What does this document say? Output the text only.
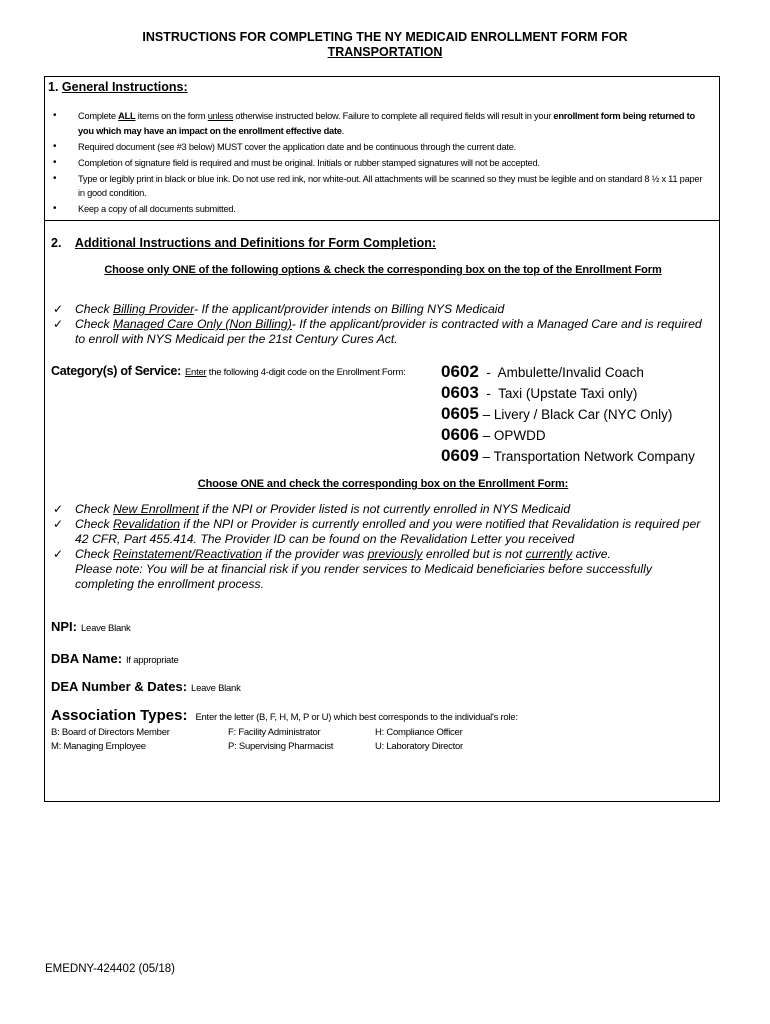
INSTRUCTIONS FOR COMPLETING THE NY MEDICAID ENROLLMENT FORM FOR
TRANSPORTATION
1. General Instructions:
• Complete ALL items on the form unless otherwise instructed below. Failure to complete all required fields will result in your enrollment form being returned to you which may have an impact on the enrollment effective date.
• Required document (see #3 below) MUST cover the application date and be continuous through the current date.
• Completion of signature field is required and must be original. Initials or rubber stamped signatures will not be accepted.
• Type or legibly print in black or blue ink. Do not use red ink, nor white-out. All attachments will be scanned so they must be legible and on standard 8 ½ x 11 paper in good condition.
• Keep a copy of all documents submitted.
2. Additional Instructions and Definitions for Form Completion:
Choose only ONE of the following options & check the corresponding box on the top of the Enrollment Form
✓ Check Billing Provider- If the applicant/provider intends on Billing NYS Medicaid
✓ Check Managed Care Only (Non Billing)- If the applicant/provider is contracted with a Managed Care and is required to enroll with NYS Medicaid per the 21st Century Cures Act.
Category(s) of Service: Enter the following 4-digit code on the Enrollment Form: 0602  -  Ambulette/Invalid Coach
0603  -  Taxi (Upstate Taxi only)
0605 – Livery / Black Car (NYC Only)
0606 – OPWDD
0609 – Transportation Network Company
Choose ONE and check the corresponding box on the Enrollment Form:
✓ Check New Enrollment if the NPI or Provider listed is not currently enrolled in NYS Medicaid
✓ Check Revalidation if the NPI or Provider is currently enrolled and you were notified that Revalidation is required per 42 CFR, Part 455.414. The Provider ID can be found on the Revalidation Letter you received
✓ Check Reinstatement/Reactivation if the provider was previously enrolled but is not currently active.
Please note: You will be at financial risk if you render services to Medicaid beneficiaries before successfully completing the enrollment process.
NPI: Leave Blank
DBA Name: If appropriate
DEA Number & Dates: Leave Blank
Association Types: Enter the letter (B, F, H, M, P or U) which best corresponds to the individual's role:
B: Board of Directors Member	F: Facility Administrator	H: Compliance Officer
M: Managing Employee	P: Supervising Pharmacist	U: Laboratory Director
EMEDNY-424402 (05/18)
